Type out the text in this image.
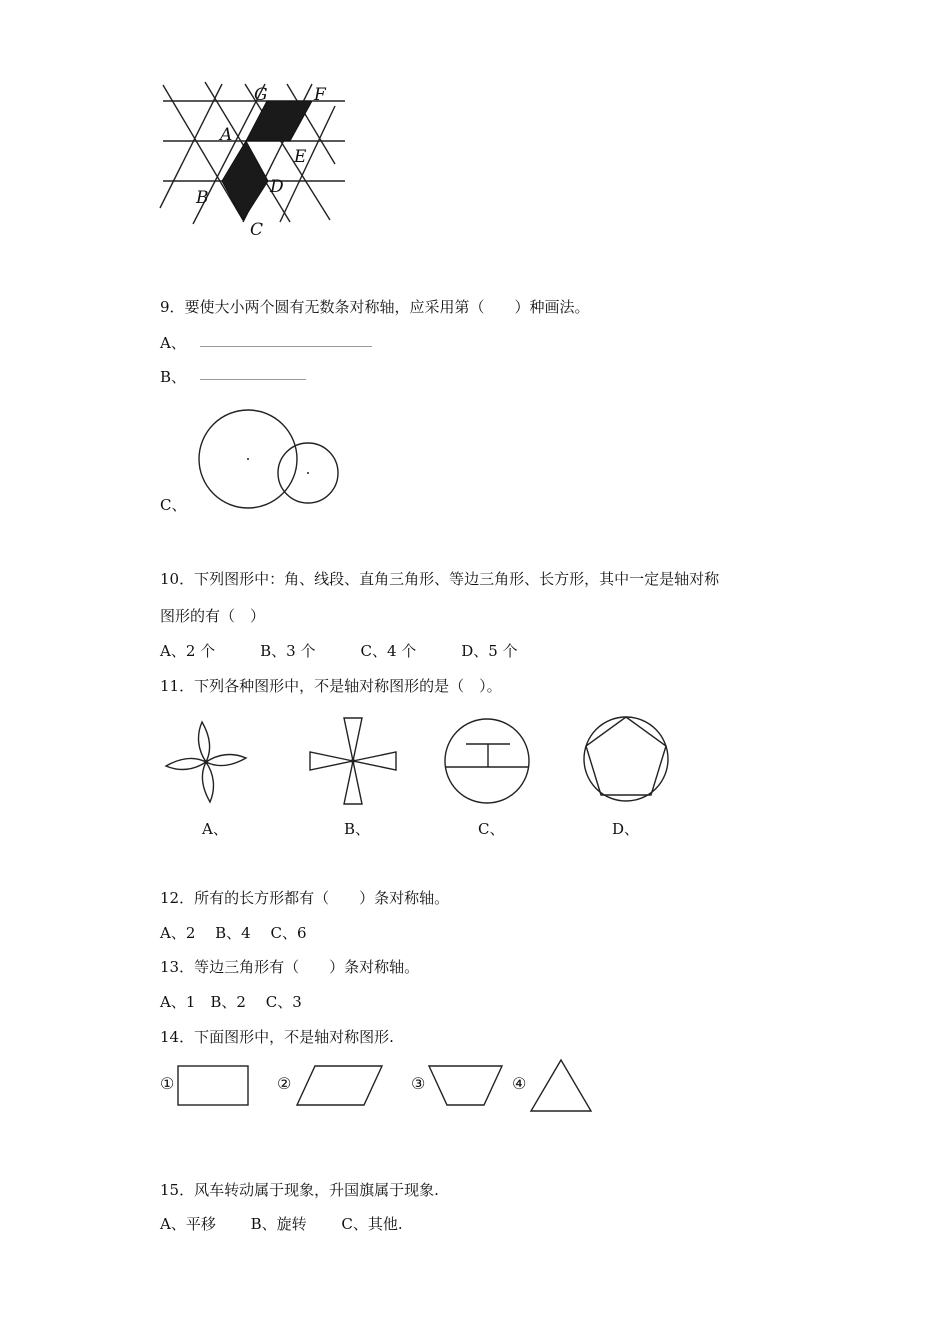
G	F
A
E
B
D
C
9．要使大小两个圆有无数条对称轴，应采用第（　　）种画法。
A、
B、
C、
10．下列图形中：角、线段、直角三角形、等边三角形、长方形，其中一定是轴对称
图形的有（　）
A、2 个　　　B、3 个　　　C、4 个　　　D、5 个
11．下列各种图形中，不是轴对称图形的是（　）。
A、	B、	C、	D、
12．所有的长方形都有（　　）条对称轴。
A、2　 B、4　 C、6
13．等边三角形有（　　）条对称轴。
A、1　B、2　 C、3
14．下面图形中，不是轴对称图形.
①	②	③	④
15．风车转动属于现象，升国旗属于现象.
A、平移　　 B、旋转　　 C、其他.
